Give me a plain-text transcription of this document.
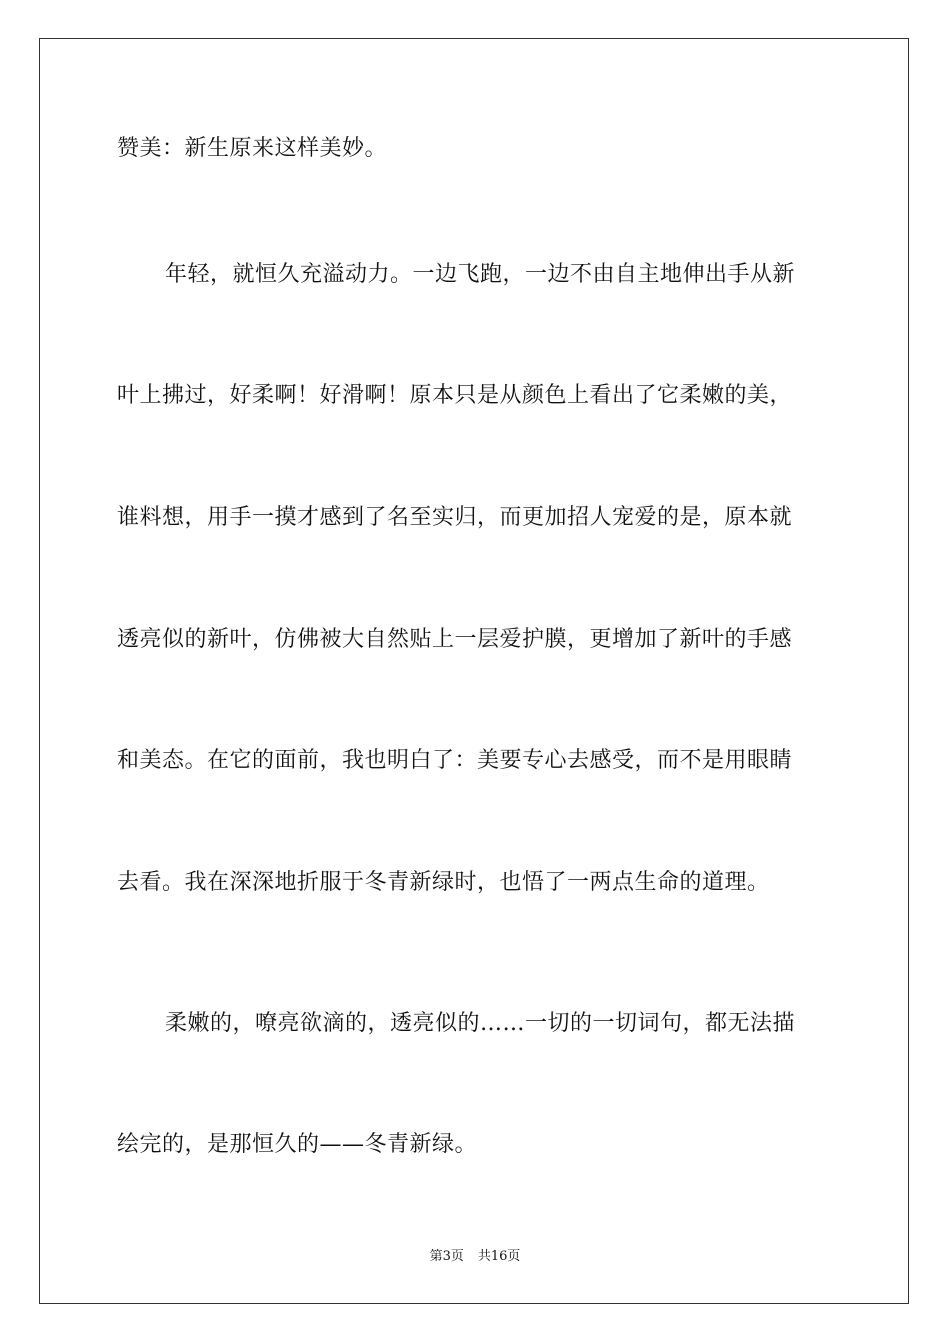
赞美：新生原来这样美妙。
年轻，就恒久充溢动力。一边飞跑，一边不由自主地伸出手从新
叶上拂过，好柔啊！好滑啊！原本只是从颜色上看出了它柔嫩的美，
谁料想，用手一摸才感到了名至实归，而更加招人宠爱的是，原本就
透亮似的新叶，仿佛被大自然贴上一层爱护膜，更增加了新叶的手感
和美态。在它的面前，我也明白了：美要专心去感受，而不是用眼睛
去看。我在深深地折服于冬青新绿时，也悟了一两点生命的道理。
柔嫩的，嘹亮欲滴的，透亮似的……一切的一切词句，都无法描
绘完的，是那恒久的——冬青新绿。
第3页 共16页
